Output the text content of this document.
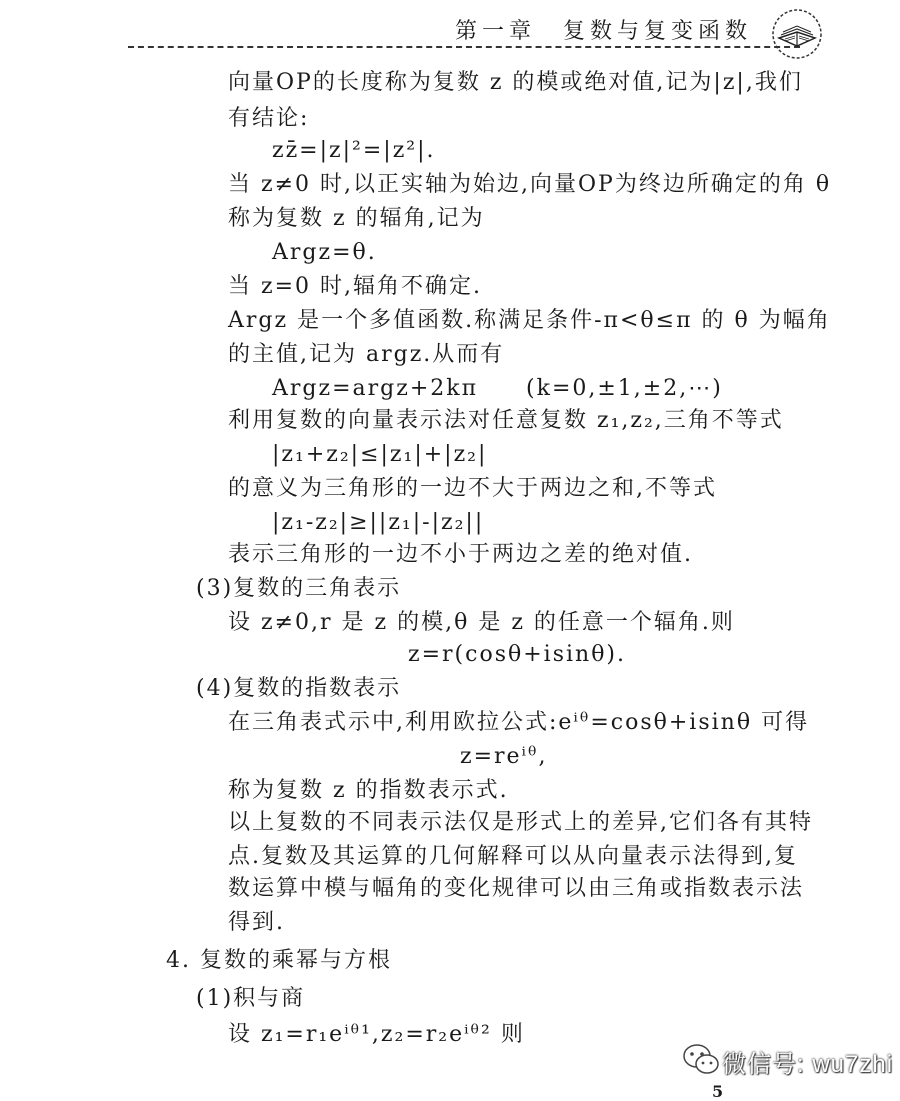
第一章　复数与复变函数
向量OP的长度称为复数 z 的模或绝对值,记为|z|,我们
有结论:
zz̄=|z|²=|z²|.
当 z≠0 时,以正实轴为始边,向量OP为终边所确定的角 θ
称为复数 z 的辐角,记为
Argz=θ.
当 z=0 时,辐角不确定.
Argz 是一个多值函数.称满足条件-π<θ≤π 的 θ 为幅角
的主值,记为 argz.从而有
Argz=argz+2kπ　　(k=0,±1,±2,⋯)
利用复数的向量表示法对任意复数 z₁,z₂,三角不等式
|z₁+z₂|≤|z₁|+|z₂|
的意义为三角形的一边不大于两边之和,不等式
|z₁-z₂|≥||z₁|-|z₂||
表示三角形的一边不小于两边之差的绝对值.
(3)复数的三角表示
设 z≠0,r 是 z 的模,θ 是 z 的任意一个辐角.则
z=r(cosθ+isinθ).
(4)复数的指数表示
在三角表式示中,利用欧拉公式:eⁱᶿ=cosθ+isinθ 可得
z=reⁱᶿ,
称为复数 z 的指数表示式.
以上复数的不同表示法仅是形式上的差异,它们各有其特
点.复数及其运算的几何解释可以从向量表示法得到,复
数运算中模与幅角的变化规律可以由三角或指数表示法
得到.
4. 复数的乘幂与方根
(1)积与商
设 z₁=r₁eⁱᶿ¹,z₂=r₂eⁱᶿ² 则
微信号: wu7zhi
5
